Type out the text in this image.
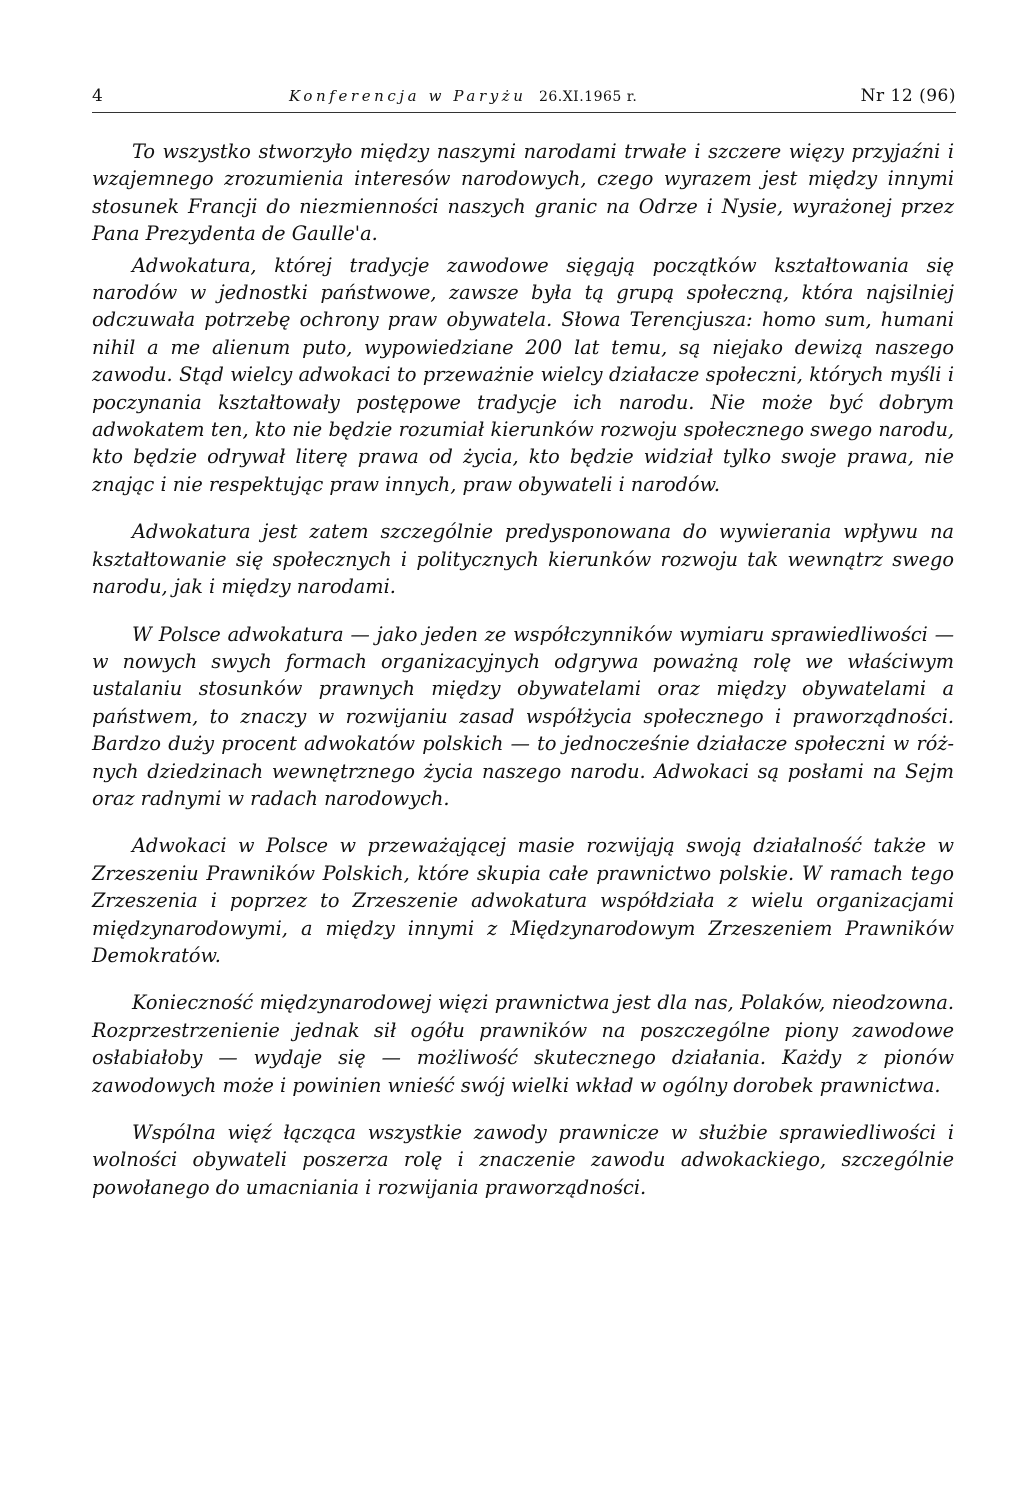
4	Konferencja w Paryżu 26.XI.1965 r.	Nr 12 (96)

To wszystko stworzyło między naszymi narodami trwałe i szczere więzy przyjaźni i wzajemnego zrozumienia interesów narodowych, czego wyrazem jest między innymi stosunek Francji do niezmienności naszych granic na Odrze i Nysie, wyrażonej przez Pana Prezydenta de Gaulle'a.

Adwokatura, której tradycje zawodowe sięgają początków kształtowania się narodów w jednostki państwowe, zawsze była tą grupą społeczną, która najsilniej odczuwała potrzebę ochrony praw obywatela. Słowa Terencjusza: homo sum, humani nihil a me alienum puto, wypowiedziane 200 lat temu, są niejako dewizą naszego zawodu. Stąd wielcy adwokaci to przeważnie wielcy działacze społeczni, których myśli i poczynania kształtowały postępowe tradycje ich narodu. Nie może być dobrym adwokatem ten, kto nie będzie rozumiał kierunków rozwoju społecznego swego narodu, kto będzie odrywał literę prawa od życia, kto będzie widział tylko swoje prawa, nie znając i nie respektując praw innych, praw obywateli i narodów.

Adwokatura jest zatem szczególnie predysponowana do wywierania wpływu na kształtowanie się społecznych i politycznych kierunków rozwoju tak wewnątrz swego narodu, jak i między narodami.

W Polsce adwokatura — jako jeden ze współczynników wymiaru sprawiedliwości — w nowych swych formach organizacyjnych odgrywa poważną rolę we właściwym ustalaniu stosunków prawnych między obywatelami oraz między obywatelami a państwem, to znaczy w rozwijaniu zasad współżycia społecznego i praworządności. Bardzo duży procent adwokatów polskich — to jednocześnie działacze społeczni w różnych dziedzinach wewnętrznego życia naszego narodu. Adwokaci są posłami na Sejm oraz radnymi w radach narodowych.

Adwokaci w Polsce w przeważającej masie rozwijają swoją działalność także w Zrzeszeniu Prawników Polskich, które skupia całe prawnictwo polskie. W ramach tego Zrzeszenia i poprzez to Zrzeszenie adwokatura współdziała z wielu organizacjami międzynarodowymi, a między innymi z Międzynarodowym Zrzeszeniem Prawników Demokratów.

Konieczność międzynarodowej więzi prawnictwa jest dla nas, Polaków, nieodzowna. Rozprzestrzenienie jednak sił ogółu prawników na poszczególne piony zawodowe osłabiałoby — wydaje się — możliwość skutecznego działania. Każdy z pionów zawodowych może i powinien wnieść swój wielki wkład w ogólny dorobek prawnictwa.

Wspólna więź łącząca wszystkie zawody prawnicze w służbie sprawiedliwości i wolności obywateli poszerza rolę i znaczenie zawodu adwokackiego, szczególnie powołanego do umacniania i rozwijania praworządności.
